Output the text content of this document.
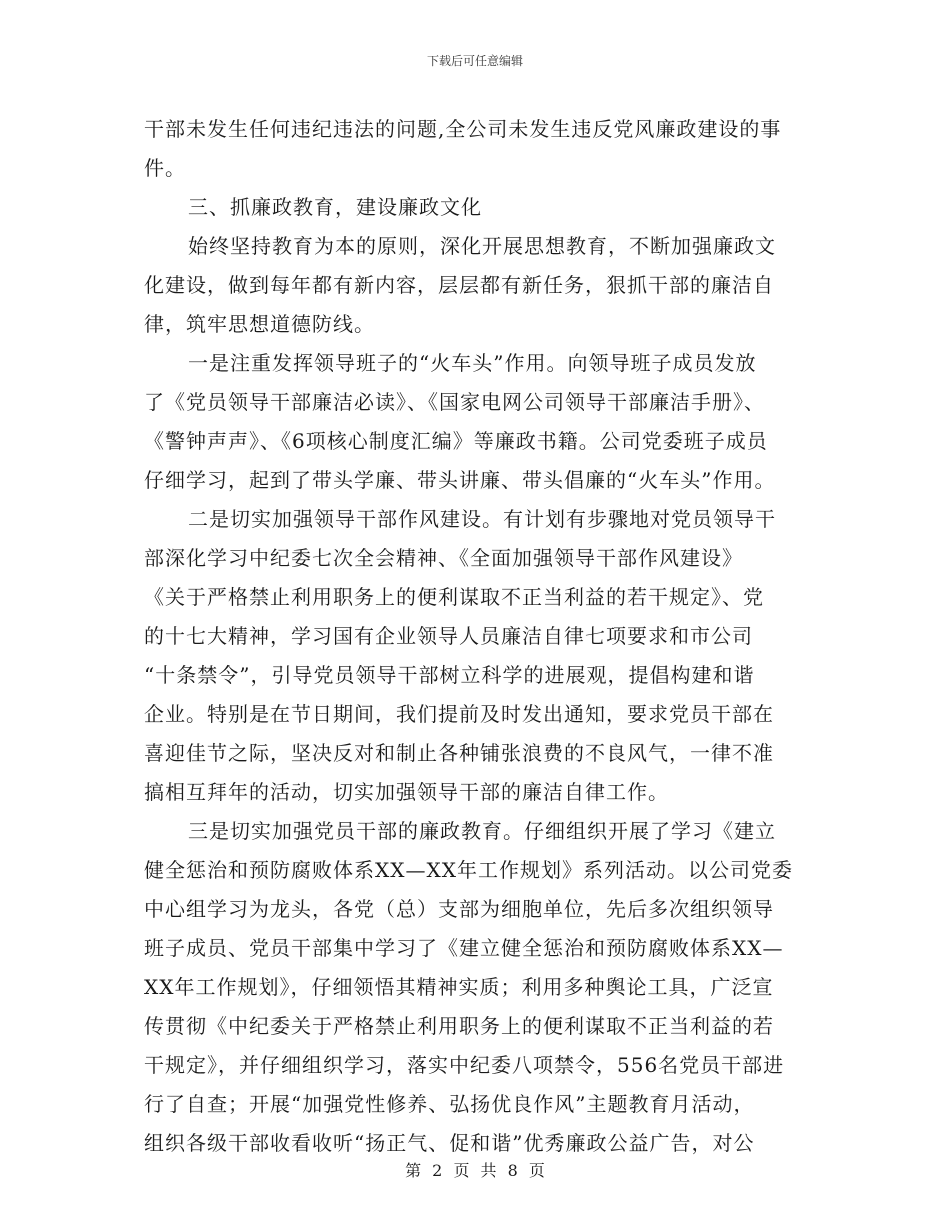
下载后可任意编辑
干部未发生任何违纪违法的问题,全公司未发生违反党风廉政建设的事
件。
三、抓廉政教育，建设廉政文化
始终坚持教育为本的原则，深化开展思想教育，不断加强廉政文
化建设，做到每年都有新内容，层层都有新任务，狠抓干部的廉洁自
律，筑牢思想道德防线。
一是注重发挥领导班子的“火车头”作用。向领导班子成员发放
了《党员领导干部廉洁必读》、《国家电网公司领导干部廉洁手册》、
《警钟声声》、《6项核心制度汇编》等廉政书籍。公司党委班子成员
仔细学习，起到了带头学廉、带头讲廉、带头倡廉的“火车头”作用。
二是切实加强领导干部作风建设。有计划有步骤地对党员领导干
部深化学习中纪委七次全会精神、《全面加强领导干部作风建设》
《关于严格禁止利用职务上的便利谋取不正当利益的若干规定》、党
的十七大精神，学习国有企业领导人员廉洁自律七项要求和市公司
“十条禁令”，引导党员领导干部树立科学的进展观，提倡构建和谐
企业。特别是在节日期间，我们提前及时发出通知，要求党员干部在
喜迎佳节之际，坚决反对和制止各种铺张浪费的不良风气，一律不准
搞相互拜年的活动，切实加强领导干部的廉洁自律工作。
三是切实加强党员干部的廉政教育。仔细组织开展了学习《建立
健全惩治和预防腐败体系XX—XX年工作规划》系列活动。以公司党委
中心组学习为龙头，各党（总）支部为细胞单位，先后多次组织领导
班子成员、党员干部集中学习了《建立健全惩治和预防腐败体系XX—
XX年工作规划》，仔细领悟其精神实质；利用多种舆论工具，广泛宣
传贯彻《中纪委关于严格禁止利用职务上的便利谋取不正当利益的若
干规定》，并仔细组织学习，落实中纪委八项禁令，556名党员干部进
行了自查；开展“加强党性修养、弘扬优良作风”主题教育月活动，
组织各级干部收看收听“扬正气、促和谐”优秀廉政公益广告，对公
第 2 页 共 8 页
